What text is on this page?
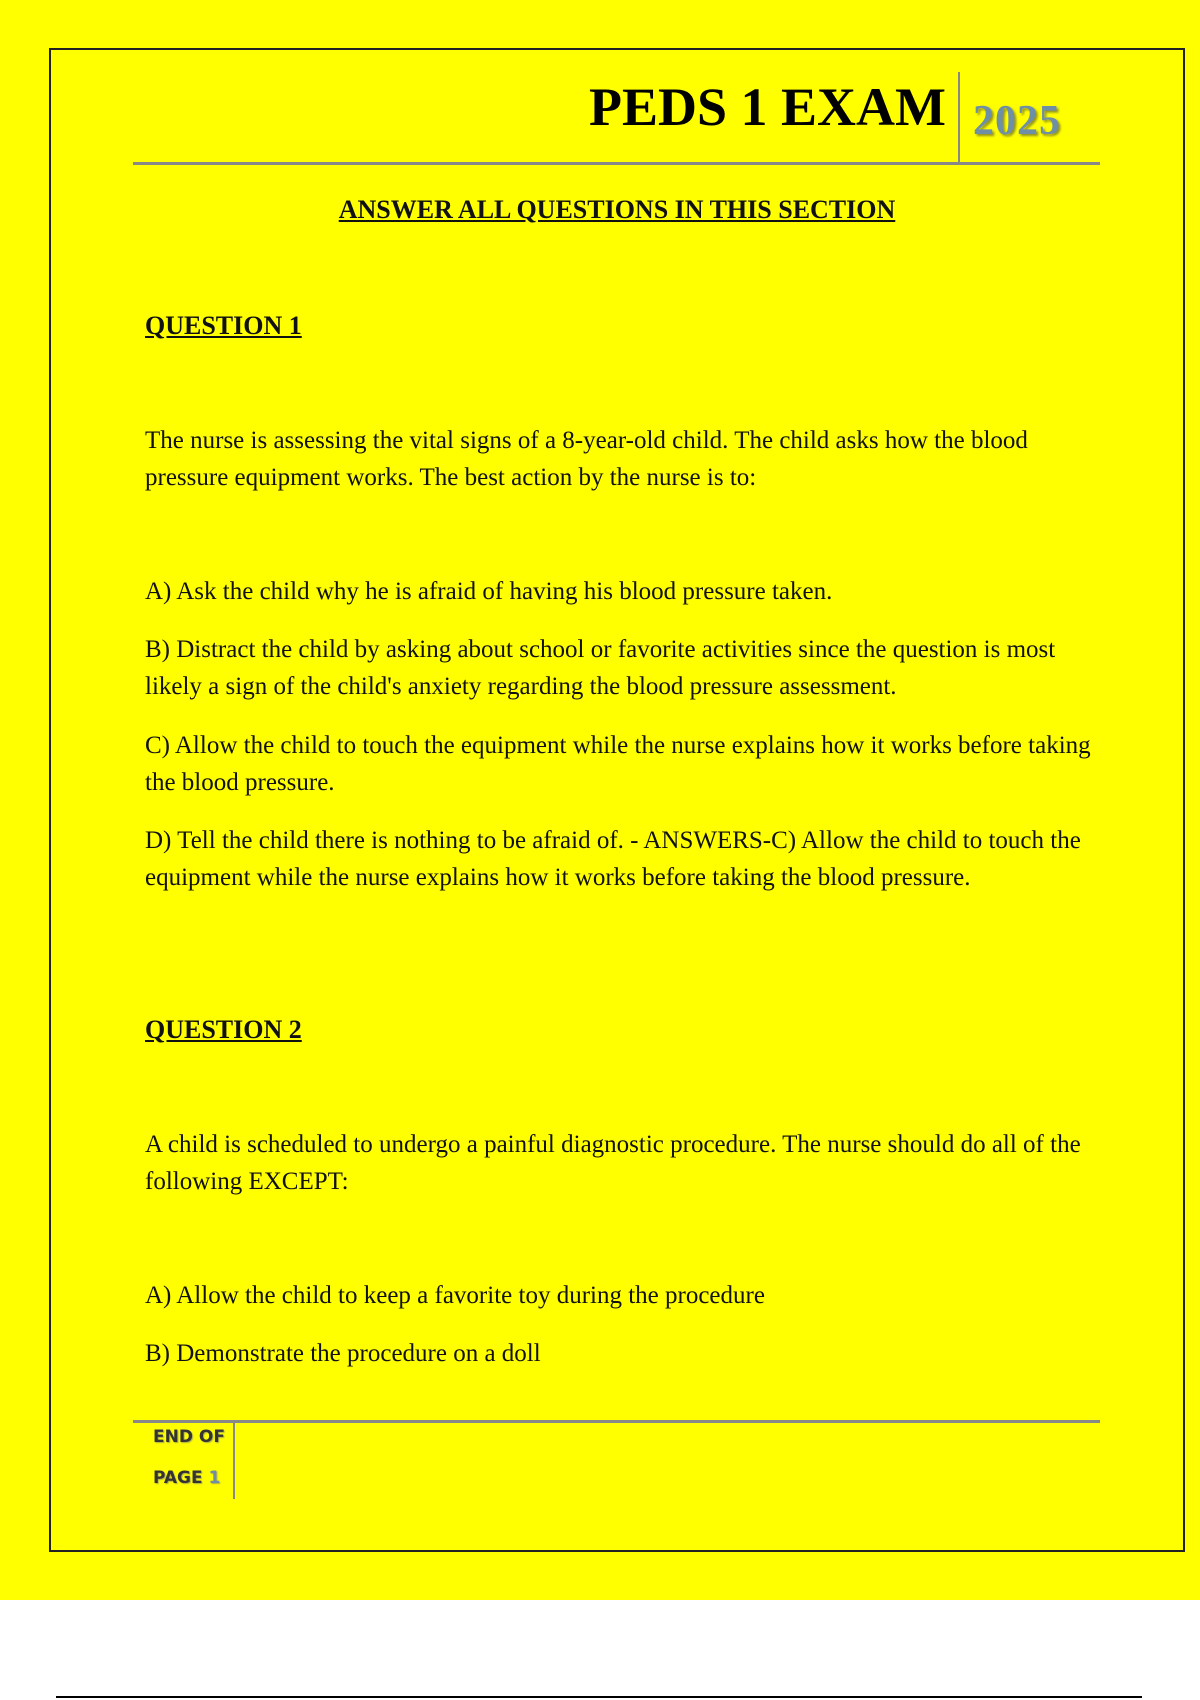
PEDS 1 EXAM 2025
ANSWER ALL QUESTIONS IN THIS SECTION
QUESTION 1

The nurse is assessing the vital signs of a 8-year-old child. The child asks how the blood pressure equipment works. The best action by the nurse is to:

A) Ask the child why he is afraid of having his blood pressure taken.

B) Distract the child by asking about school or favorite activities since the question is most likely a sign of the child's anxiety regarding the blood pressure assessment.

C) Allow the child to touch the equipment while the nurse explains how it works before taking the blood pressure.

D) Tell the child there is nothing to be afraid of. - ANSWERS-C) Allow the child to touch the equipment while the nurse explains how it works before taking the blood pressure.

QUESTION 2

A child is scheduled to undergo a painful diagnostic procedure. The nurse should do all of the following EXCEPT:

A) Allow the child to keep a favorite toy during the procedure

B) Demonstrate the procedure on a doll

END OF
PAGE 1
